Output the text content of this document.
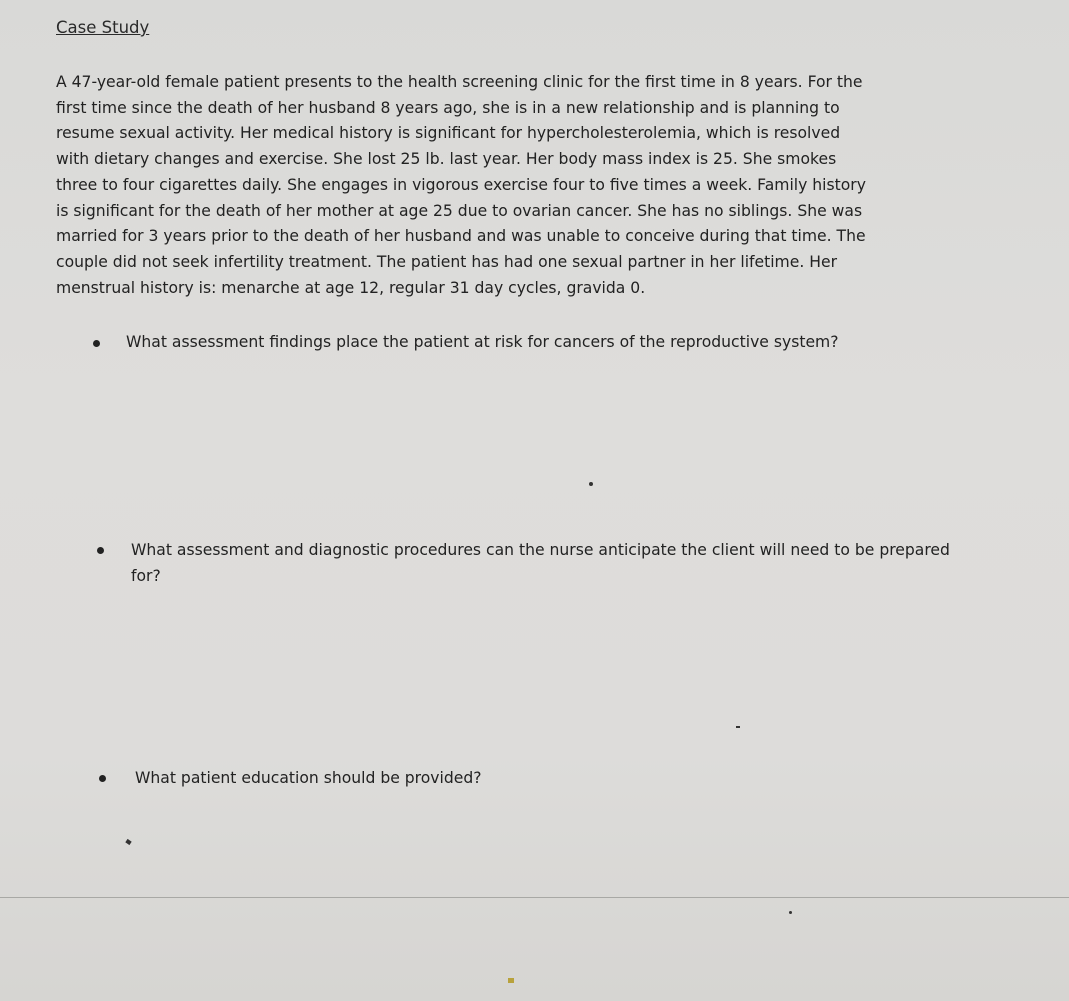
Case Study
A 47-year-old female patient presents to the health screening clinic for the first time in 8 years. For the
first time since the death of her husband 8 years ago, she is in a new relationship and is planning to
resume sexual activity. Her medical history is significant for hypercholesterolemia, which is resolved
with dietary changes and exercise. She lost 25 lb. last year. Her body mass index is 25. She smokes
three to four cigarettes daily. She engages in vigorous exercise four to five times a week. Family history
is significant for the death of her mother at age 25 due to ovarian cancer. She has no siblings. She was
married for 3 years prior to the death of her husband and was unable to conceive during that time. The
couple did not seek infertility treatment. The patient has had one sexual partner in her lifetime. Her
menstrual history is: menarche at age 12, regular 31 day cycles, gravida 0.

What assessment findings place the patient at risk for cancers of the reproductive system?

What assessment and diagnostic procedures can the nurse anticipate the client will need to be prepared for?

What patient education should be provided?
